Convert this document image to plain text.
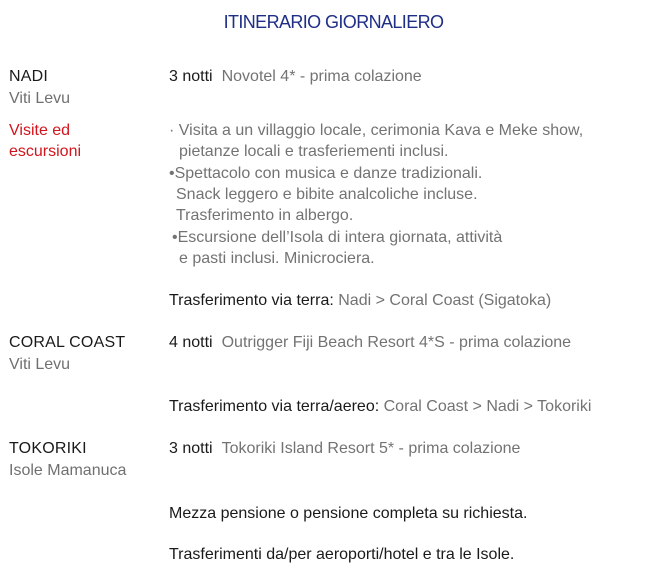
ITINERARIO GIORNALIERO
NADI
Viti Levu
3 notti Novotel 4* - prima colazione
Visite ed
escursioni
· Visita a un villaggio locale, cerimonia Kava e Meke show,
pietanze locali e trasferiementi inclusi.
•Spettacolo con musica e danze tradizionali.
Snack leggero e bibite analcoliche incluse.
Trasferimento in albergo.
•Escursione dell’Isola di intera giornata, attività
e pasti inclusi. Minicrociera.
Trasferimento via terra: Nadi > Coral Coast (Sigatoka)
CORAL COAST
Viti Levu
4 notti Outrigger Fiji Beach Resort 4*S - prima colazione
Trasferimento via terra/aereo: Coral Coast > Nadi > Tokoriki
TOKORIKI
Isole Mamanuca
3 notti Tokoriki Island Resort 5* - prima colazione
Mezza pensione o pensione completa su richiesta.
Trasferimenti da/per aeroporti/hotel e tra le Isole.
